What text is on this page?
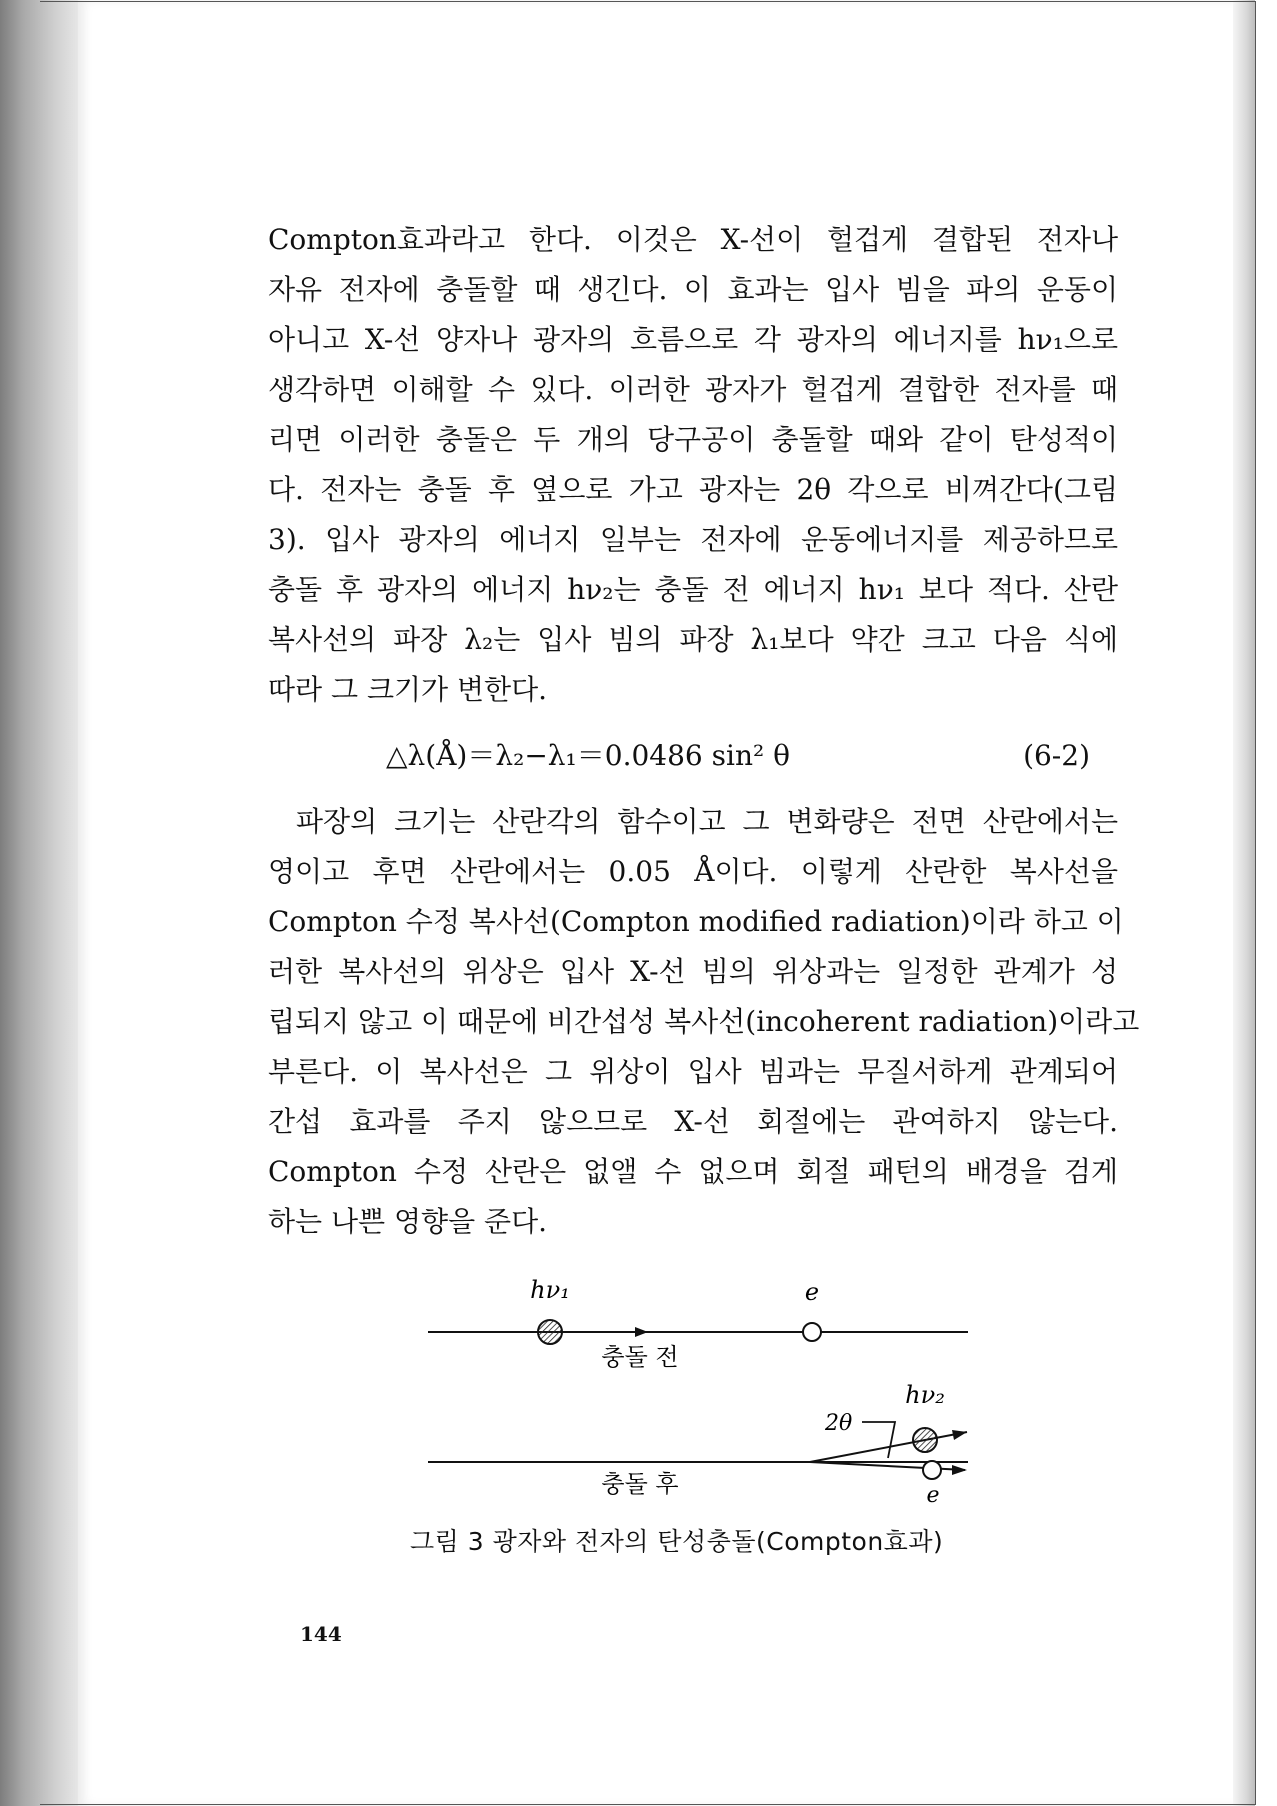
Compton효과라고 한다. 이것은 X-선이 헐겁게 결합된 전자나
자유 전자에 충돌할 때 생긴다. 이 효과는 입사 빔을 파의 운동이
아니고 X-선 양자나 광자의 흐름으로 각 광자의 에너지를 hν₁으로
생각하면 이해할 수 있다. 이러한 광자가 헐겁게 결합한 전자를 때
리면 이러한 충돌은 두 개의 당구공이 충돌할 때와 같이 탄성적이
다. 전자는 충돌 후 옆으로 가고 광자는 2θ 각으로 비껴간다(그림
3). 입사 광자의 에너지 일부는 전자에 운동에너지를 제공하므로
충돌 후 광자의 에너지 hν₂는 충돌 전 에너지 hν₁ 보다 적다. 산란
복사선의 파장 λ₂는 입사 빔의 파장 λ₁보다 약간 크고 다음 식에
따라 그 크기가 변한다.
△λ(Å)＝λ₂−λ₁＝0.0486 sin² θ	(6-2)
파장의 크기는 산란각의 함수이고 그 변화량은 전면 산란에서는
영이고 후면 산란에서는 0.05 Å이다. 이렇게 산란한 복사선을
Compton 수정 복사선(Compton modified radiation)이라 하고 이
러한 복사선의 위상은 입사 X-선 빔의 위상과는 일정한 관계가 성
립되지 않고 이 때문에 비간섭성 복사선(incoherent radiation)이라고
부른다. 이 복사선은 그 위상이 입사 빔과는 무질서하게 관계되어
간섭 효과를 주지 않으므로 X-선 회절에는 관여하지 않는다.
Compton 수정 산란은 없앨 수 없으며 회절 패턴의 배경을 검게
하는 나쁜 영향을 준다.
hν₁	e
충돌 전
2θ
hν₂
충돌 후	e
그림 3 광자와 전자의 탄성충돌(Compton효과)
144
